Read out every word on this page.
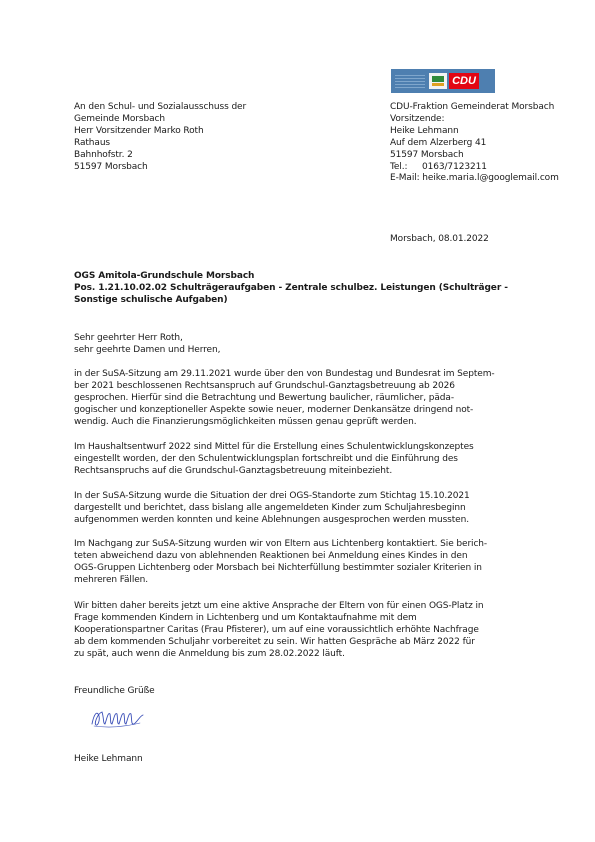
CDU
An den Schul- und Sozialausschuss der
Gemeinde Morsbach
Herr Vorsitzender Marko Roth
Rathaus
Bahnhofstr. 2
51597 Morsbach
CDU-Fraktion Gemeinderat Morsbach
Vorsitzende:
Heike Lehmann
Auf dem Alzerberg 41
51597 Morsbach
Tel.: 0163/7123211
E-Mail: heike.maria.l@googlemail.com
Morsbach, 08.01.2022
OGS Amitola-Grundschule Morsbach
Pos. 1.21.10.02.02 Schulträgeraufgaben - Zentrale schulbez. Leistungen (Schulträger -
Sonstige schulische Aufgaben)
Sehr geehrter Herr Roth,
sehr geehrte Damen und Herren,
in der SuSA-Sitzung am 29.11.2021 wurde über den von Bundestag und Bundesrat im Septem-
ber 2021 beschlossenen Rechtsanspruch auf Grundschul-Ganztagsbetreuung ab 2026
gesprochen. Hierfür sind die Betrachtung und Bewertung baulicher, räumlicher, päda-
gogischer und konzeptioneller Aspekte sowie neuer, moderner Denkansätze dringend not-
wendig. Auch die Finanzierungsmöglichkeiten müssen genau geprüft werden.
Im Haushaltsentwurf 2022 sind Mittel für die Erstellung eines Schulentwicklungskonzeptes
eingestellt worden, der den Schulentwicklungsplan fortschreibt und die Einführung des
Rechtsanspruchs auf die Grundschul-Ganztagsbetreuung miteinbezieht.
In der SuSA-Sitzung wurde die Situation der drei OGS-Standorte zum Stichtag 15.10.2021
dargestellt und berichtet, dass bislang alle angemeldeten Kinder zum Schuljahresbeginn
aufgenommen werden konnten und keine Ablehnungen ausgesprochen werden mussten.
Im Nachgang zur SuSA-Sitzung wurden wir von Eltern aus Lichtenberg kontaktiert. Sie berich-
teten abweichend dazu von ablehnenden Reaktionen bei Anmeldung eines Kindes in den
OGS-Gruppen Lichtenberg oder Morsbach bei Nichterfüllung bestimmter sozialer Kriterien in
mehreren Fällen.
Wir bitten daher bereits jetzt um eine aktive Ansprache der Eltern von für einen OGS-Platz in
Frage kommenden Kindern in Lichtenberg und um Kontaktaufnahme mit dem
Kooperationspartner Caritas (Frau Pfisterer), um auf eine voraussichtlich erhöhte Nachfrage
ab dem kommenden Schuljahr vorbereitet zu sein. Wir hatten Gespräche ab März 2022 für
zu spät, auch wenn die Anmeldung bis zum 28.02.2022 läuft.
Freundliche Grüße
Heike Lehmann
